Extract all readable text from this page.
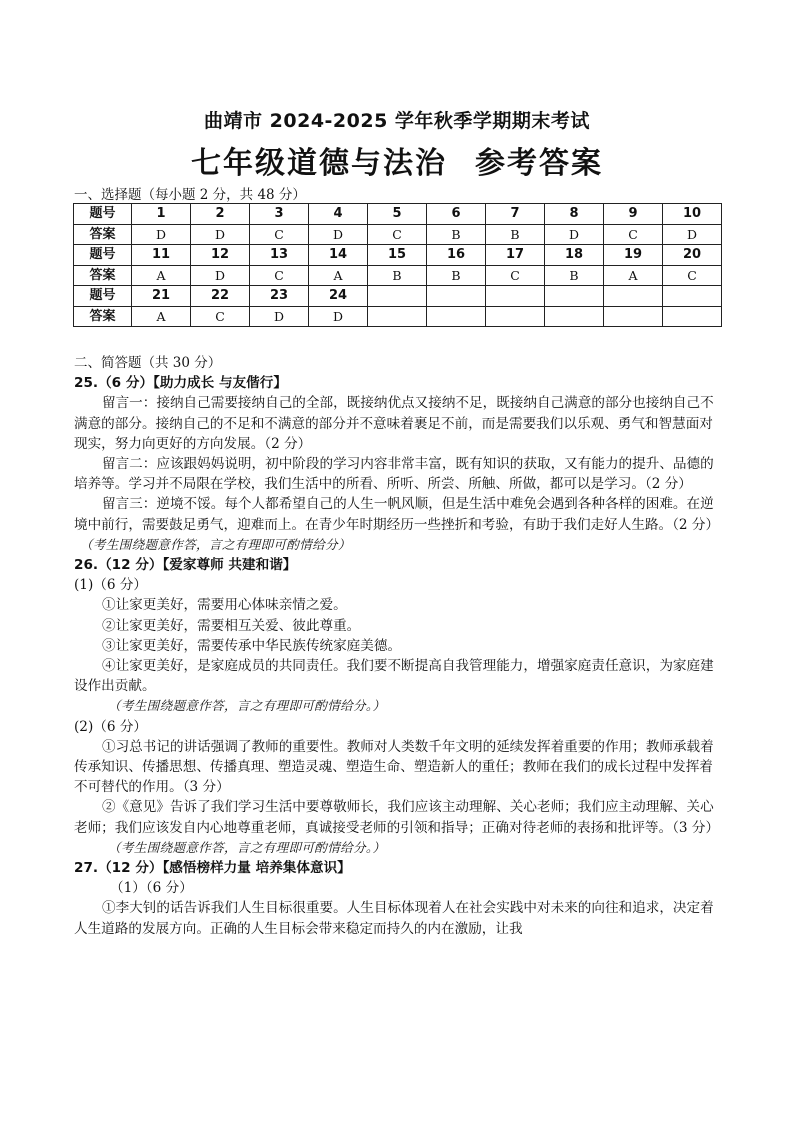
曲靖市 2024-2025 学年秋季学期期末考试
七年级道德与法治 参考答案
一、选择题（每小题 2 分，共 48 分）
题号	1	2	3	4	5	6	7	8	9	10
答案	D	D	C	D	C	B	B	D	C	D
题号	11	12	13	14	15	16	17	18	19	20
答案	A	D	C	A	B	B	C	B	A	C
题号	21	22	23	24						
答案	A	C	D	D						

二、简答题（共 30 分）

25.（6 分）【助力成长 与友偕行】

留言一：接纳自己需要接纳自己的全部，既接纳优点又接纳不足，既接纳自己满意的部分也接纳自己不满意的部分。接纳自己的不足和不满意的部分并不意味着裹足不前，而是需要我们以乐观、勇气和智慧面对现实，努力向更好的方向发展。（2 分）

留言二：应该跟妈妈说明，初中阶段的学习内容非常丰富，既有知识的获取，又有能力的提升、品德的培养等。学习并不局限在学校，我们生活中的所看、所听、所尝、所触、所做，都可以是学习。（2 分）

留言三：逆境不馁。每个人都希望自己的人生一帆风顺，但是生活中难免会遇到各种各样的困难。在逆境中前行，需要鼓足勇气，迎难而上。在青少年时期经历一些挫折和考验，有助于我们走好人生路。（2 分）

（考生围绕题意作答，言之有理即可酌情给分）

26.（12 分）【爱家尊师 共建和谐】

(1)（6 分）

①让家更美好，需要用心体味亲情之爱。

②让家更美好，需要相互关爱、彼此尊重。

③让家更美好，需要传承中华民族传统家庭美德。

④让家更美好，是家庭成员的共同责任。我们要不断提高自我管理能力，增强家庭责任意识，为家庭建设作出贡献。

（考生围绕题意作答，言之有理即可酌情给分。）

(2)（6 分）

①习总书记的讲话强调了教师的重要性。教师对人类数千年文明的延续发挥着重要的作用；教师承载着传承知识、传播思想、传播真理、塑造灵魂、塑造生命、塑造新人的重任；教师在我们的成长过程中发挥着不可替代的作用。（3 分）

②《意见》告诉了我们学习生活中要尊敬师长，我们应该主动理解、关心老师；我们应主动理解、关心老师；我们应该发自内心地尊重老师，真诚接受老师的引领和指导；正确对待老师的表扬和批评等。（3 分）

（考生围绕题意作答，言之有理即可酌情给分。）

27.（12 分）【感悟榜样力量 培养集体意识】

（1）（6 分）

①李大钊的话告诉我们人生目标很重要。人生目标体现着人在社会实践中对未来的向往和追求，决定着人生道路的发展方向。正确的人生目标会带来稳定而持久的内在激励，让我
